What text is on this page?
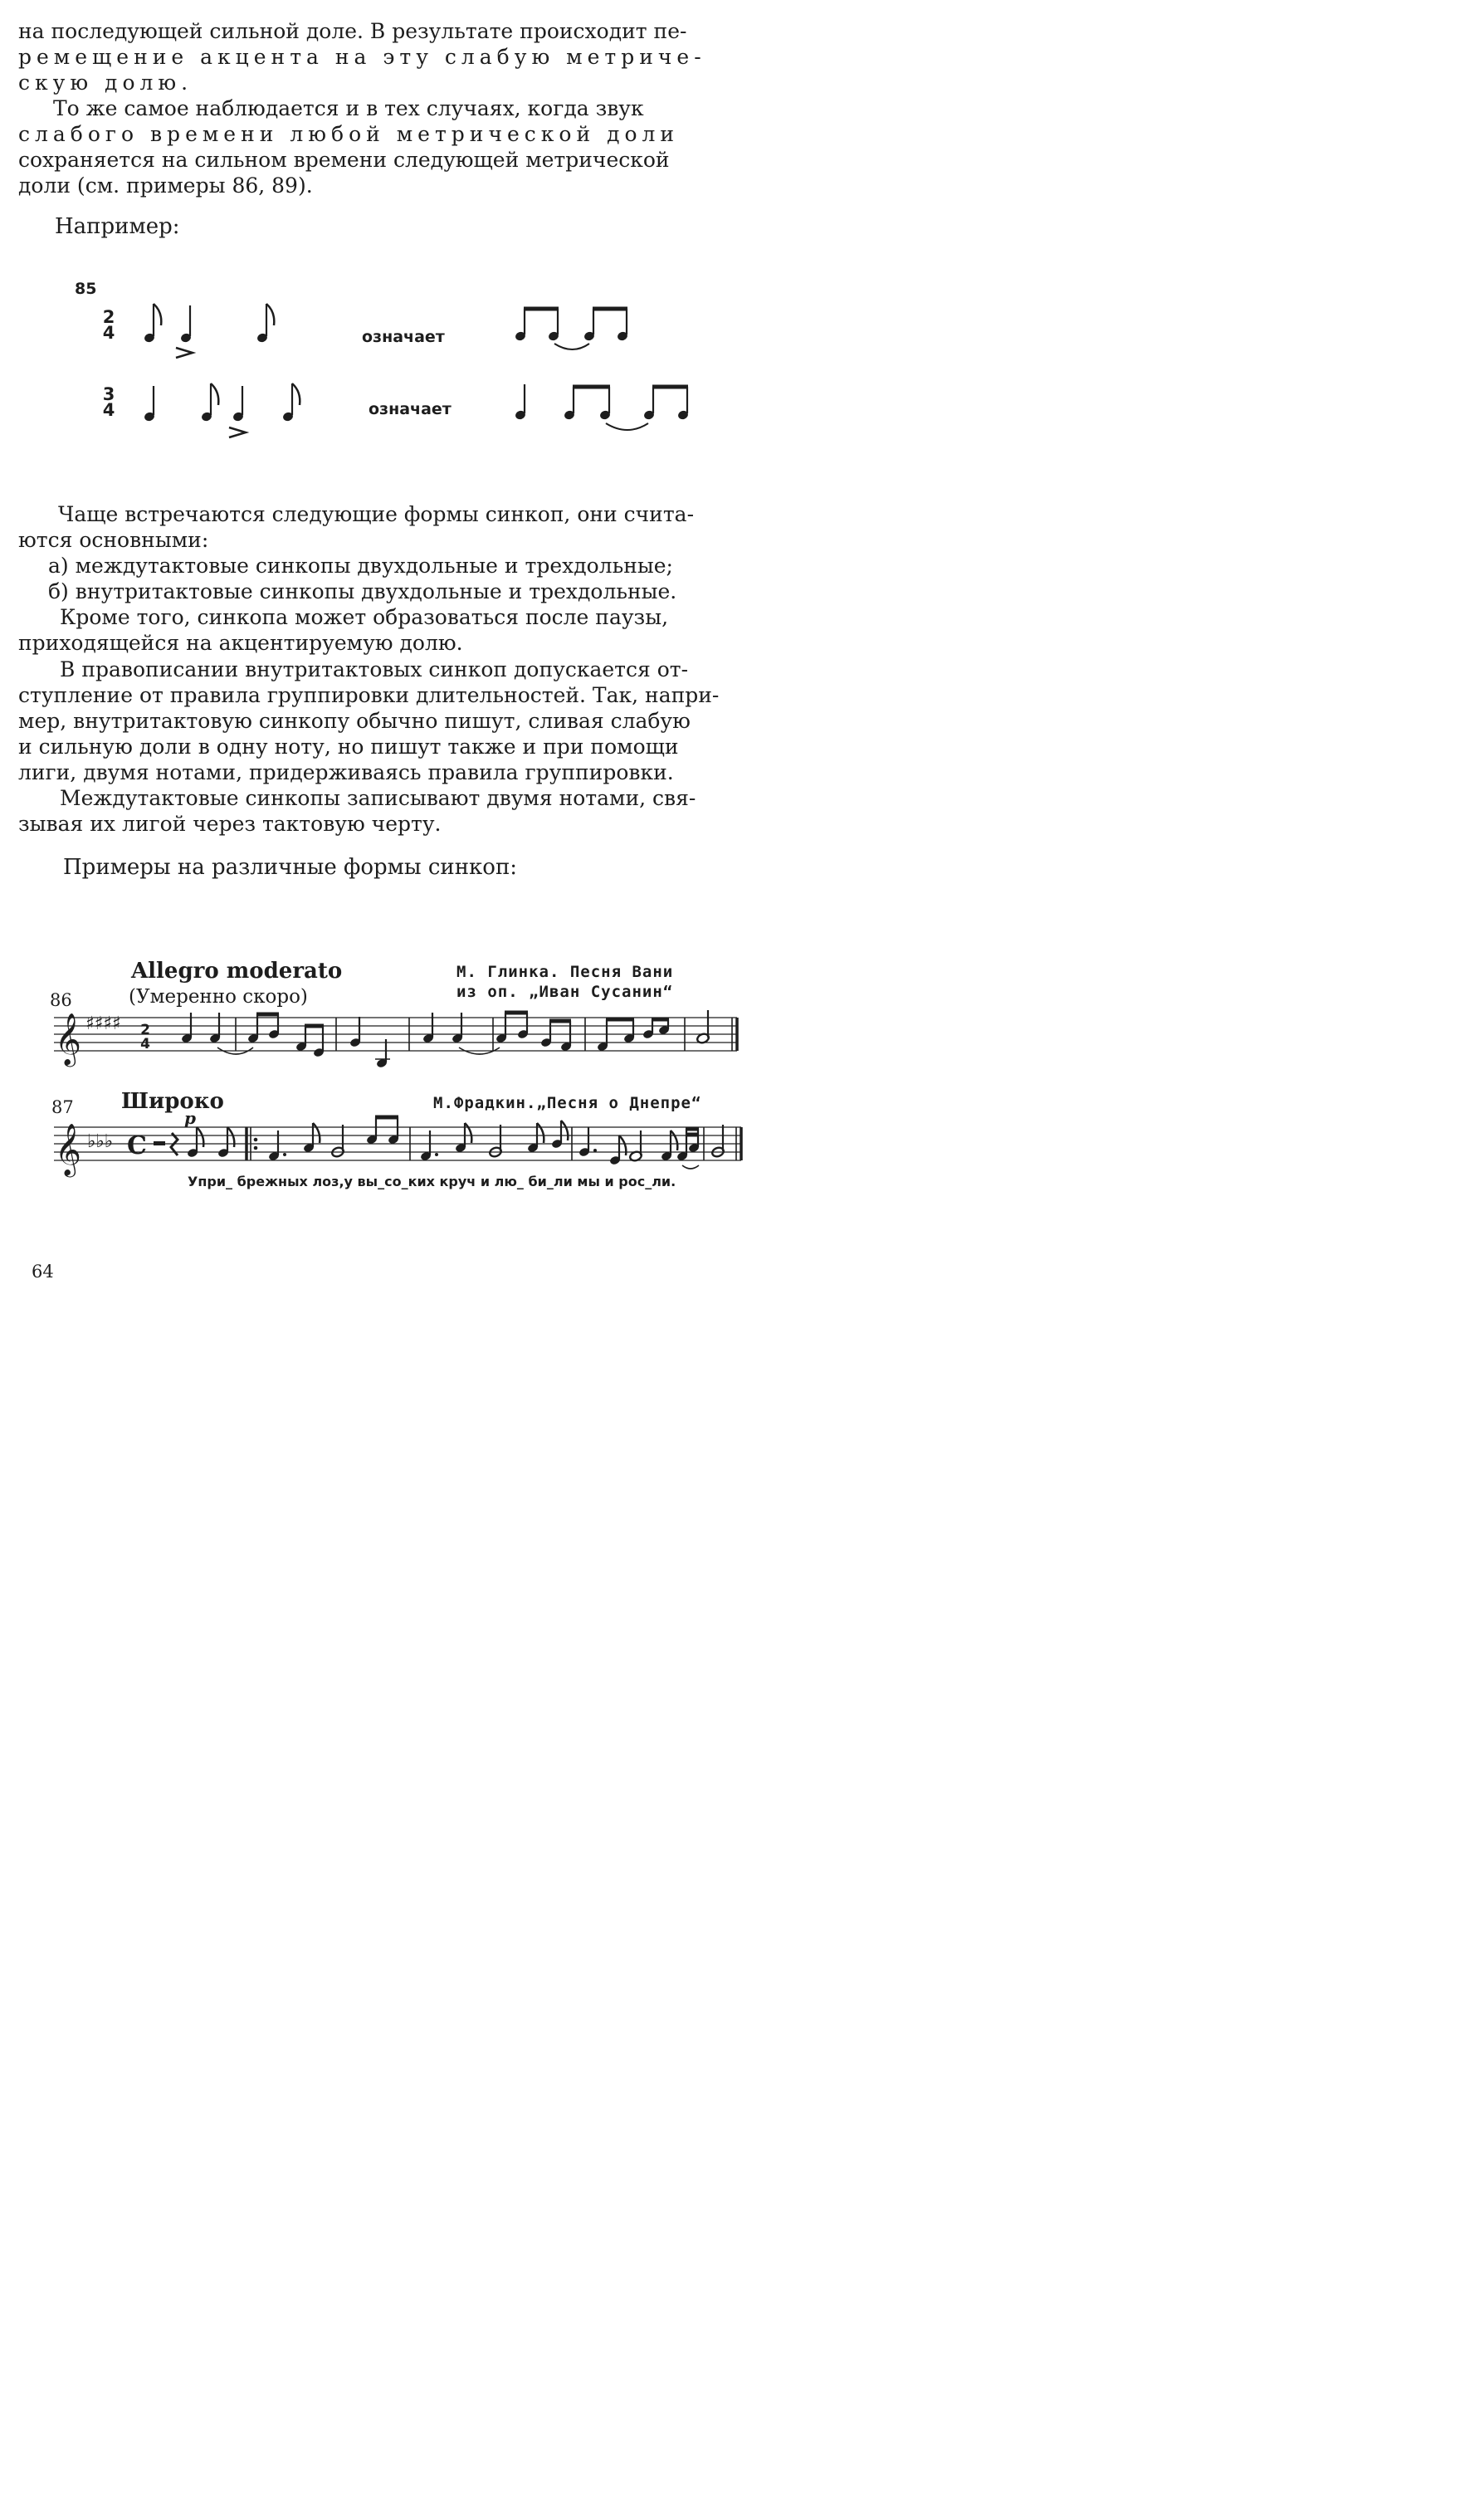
на последующей сильной доле. В результате происходит пе-
ремещение акцента на эту слабую метриче-
скую долю.

То же самое наблюдается и в тех случаях, когда звук
слабого времени любой метрической доли
сохраняется на сильном времени следующей метрической
доли (см. примеры 86, 89).

Например:
85
2
4	означает
3
4	означает

Чаще встречаются следующие формы синкоп, они счита-
ются основными:
а) междутактовые синкопы двухдольные и трехдольные;
б) внутритактовые синкопы двухдольные и трехдольные.
Кроме того, синкопа может образоваться после паузы,
приходящейся на акцентируемую долю.

В правописании внутритактовых синкоп допускается от-
ступление от правила группировки длительностей. Так, напри-
мер, внутритактовую синкопу обычно пишут, сливая слабую
и сильную доли в одну ноту, но пишут также и при помощи
лиги, двумя нотами, придерживаясь правила группировки.
Междутактовые синкопы записывают двумя нотами, свя-
зывая их лигой через тактовую черту.

Примеры на различные формы синкоп:
Allegro moderato
86	(Умеренно скоро)
М. Глинка. Песня Вани
из оп. „Иван Сусанин“
2
4
𝄞 ♯♯♯♯
87 Широко
p
М.Фрадкин.„Песня о Днепре“
𝄞 ♭♭♭ C
Упри_ брежных лоз,у вы_со_ких круч и лю_ би_ли мы и рос_ли.
64
